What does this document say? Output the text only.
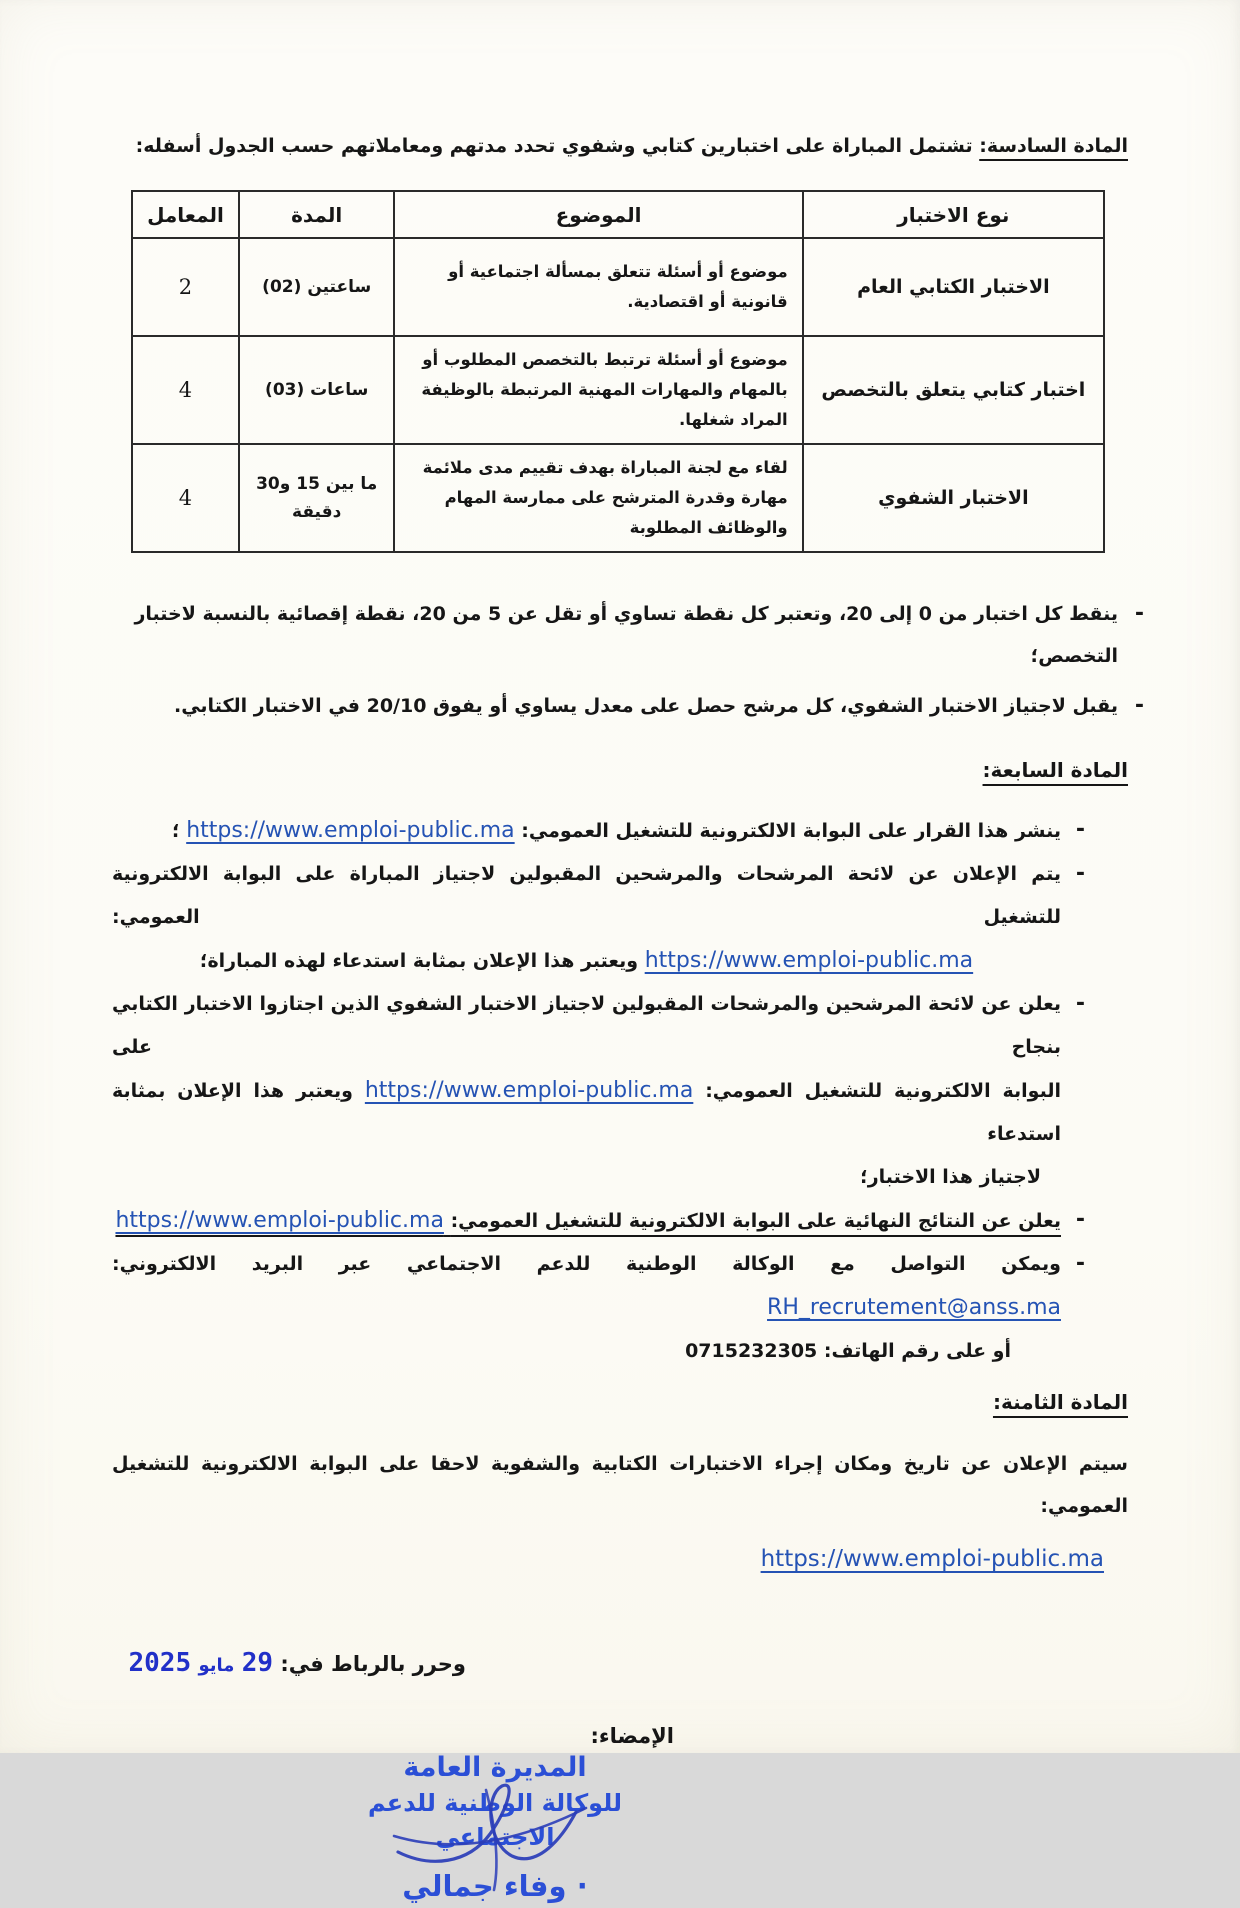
المادة السادسة: تشتمل المباراة على اختبارين كتابي وشفوي تحدد مدتهم ومعاملاتهم حسب الجدول أسفله:
نوع الاختبار	الموضوع	المدة	المعامل
الاختبار الكتابي العام	موضوع أو أسئلة تتعلق بمسألة اجتماعية أو قانونية أو اقتصادية.	ساعتين (02)	2
اختبار كتابي يتعلق بالتخصص	موضوع أو أسئلة ترتبط بالتخصص المطلوب أو بالمهام والمهارات المهنية المرتبطة بالوظيفة المراد شغلها.	ساعات (03)	4
الاختبار الشفوي	لقاء مع لجنة المباراة بهدف تقييم مدى ملائمة مهارة وقدرة المترشح على ممارسة المهام والوظائف المطلوبة	ما بين 15 و30 دقيقة	4
-
ينقط كل اختبار من 0 إلى 20، وتعتبر كل نقطة تساوي أو تقل عن 5 من 20، نقطة إقصائية بالنسبة لاختبار التخصص؛
-
يقبل لاجتياز الاختبار الشفوي، كل مرشح حصل على معدل يساوي أو يفوق 20/10 في الاختبار الكتابي.
المادة السابعة:
-
ينشر هذا القرار على البوابة الالكترونية للتشغيل العمومي: https://www.emploi-public.ma ؛
-
يتم الإعلان عن لائحة المرشحات والمرشحين المقبولين لاجتياز المباراة على البوابة الالكترونية للتشغيل العمومي:
https://www.emploi-public.ma ويعتبر هذا الإعلان بمثابة استدعاء لهذه المباراة؛
-
يعلن عن لائحة المرشحين والمرشحات المقبولين لاجتياز الاختبار الشفوي الذين اجتازوا الاختبار الكتابي بنجاح على
البوابة الالكترونية للتشغيل العمومي: https://www.emploi-public.ma ويعتبر هذا الإعلان بمثابة استدعاء
لاجتياز هذا الاختبار؛
-
يعلن عن النتائج النهائية على البوابة الالكترونية للتشغيل العمومي: https://www.emploi-public.ma
-
ويمكن التواصل مع الوكالة الوطنية للدعم الاجتماعي عبر البريد الالكتروني: RH_recrutement@anss.ma
أو على رقم الهاتف: 0715232305
المادة الثامنة:
سيتم الإعلان عن تاريخ ومكان إجراء الاختبارات الكتابية والشفوية لاحقا على البوابة الالكترونية للتشغيل العمومي:
https://www.emploi-public.ma
وحرر بالرباط في: 29 مايو 2025
الإمضاء:
المديرة العامة
للوكالة الوطنية للدعم الاجتماعي
· وفاء جمالي
